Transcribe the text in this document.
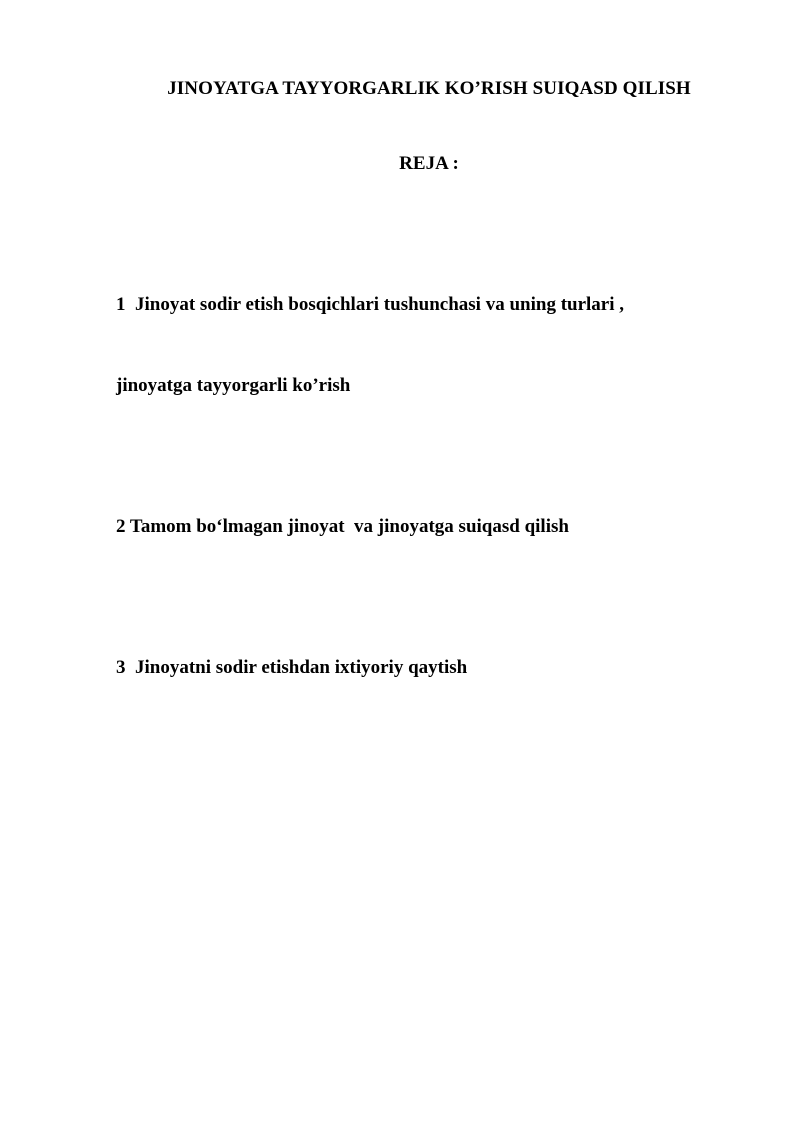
JINOYATGA TAYYORGARLIK KO’RISH SUIQASD QILISH
REJA :

1  Jinoyat sodir etish bosqichlari tushunchasi va uning turlari ,

jinoyatga tayyorgarli ko’rish

2 Tamom bo‘lmagan jinoyat  va jinoyatga suiqasd qilish

3  Jinoyatni sodir etishdan ixtiyoriy qaytish
